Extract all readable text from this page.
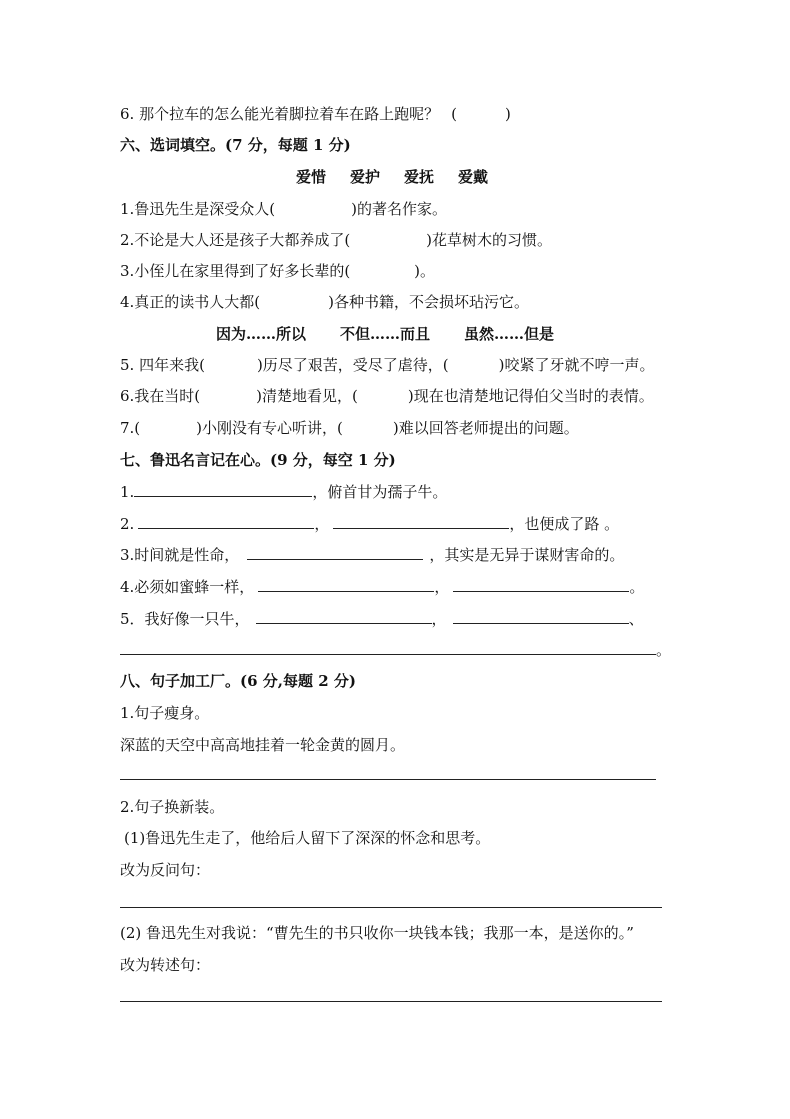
6. 那个拉车的怎么能光着脚拉着车在路上跑呢？ (	)
六、选词填空。(7 分，每题 1 分)
爱惜 爱护 爱抚 爱戴
1.鲁迅先生是深受众人(	)的著名作家。
2.不论是大人还是孩子大都养成了(	)花草树木的习惯。
3.小侄儿在家里得到了好多长辈的(	)。
4.真正的读书人大都(	)各种书籍，不会损坏玷污它。
因为……所以 不但……而且 虽然……但是
5. 四年来我(	)历尽了艰苦，受尽了虐待，(	)咬紧了牙就不哼一声。
6.我在当时(	)清楚地看见，(	)现在也清楚地记得伯父当时的表情。
7.(	)小刚没有专心听讲，(	)难以回答老师提出的问题。
七、鲁迅名言记在心。(9 分，每空 1 分)
1.	，俯首甘为孺子牛。
2.	，	，也便成了路 。
3.时间就是性命，	，其实是无异于谋财害命的。
4.必须如蜜蜂一样，	，	。
5．我好像一只牛，	，	、
。
八、句子加工厂。(6 分,每题 2 分)
1.句子瘦身。
深蓝的天空中高高地挂着一轮金黄的圆月。
2.句子换新装。
(1)鲁迅先生走了，他给后人留下了深深的怀念和思考。
改为反问句：
(2) 鲁迅先生对我说：“曹先生的书只收你一块钱本钱；我那一本，是送你的。”
改为转述句：
